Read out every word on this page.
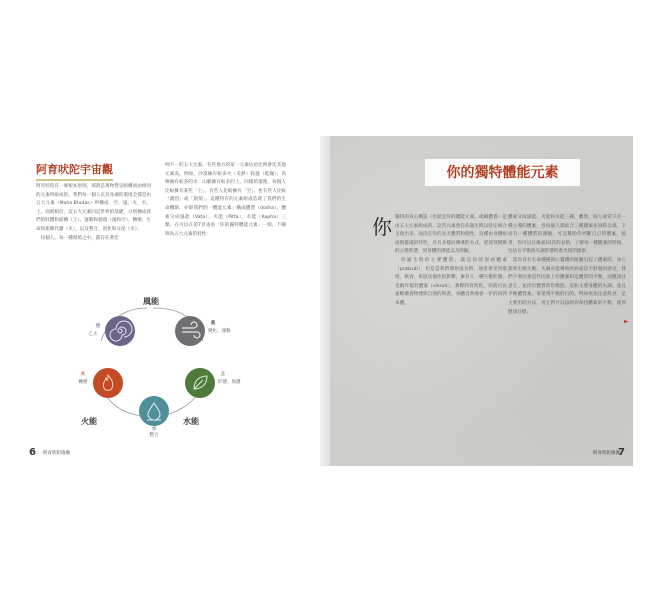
阿育吠陀宇宙觀
阿育吠陀有一條根本原則，那就是萬物皆是組構而由相同的元素所組成的。我們每一個人以及身處的環境全都是由五大元素（Maha Bhutas）所構成：空、風、火、水、土。而與相反，這五大元素同是世界的基礎，分別構成我們的肢體和結構（土）、運動和循環（風和空）、轉變、生命和新陳代謝（火），以及整合、消化和分泌（水）。
　每個人、每一種環境之中，都存在著比
例不一的五大元素，有些地方的某一元素佔的比例會比其他元素高。例如，沙漠擁有較多火（炎熱）和風（乾燥）；高緯擁有較多的水；山脈擁有較多的土。同樣的道理，每個人比較擁有某些「土」、有些人比較擁有「空」。也有些人比較「濃烈」或「熱情」。這種特有的元素組成造就了我們的生命機制，亦即我們的「體能元素」構成體質（dosha）。體素分成風能（Vata）、火能（Pitta）、水能（Kapha）三類。在可以在第7頁查看「你的獨特體能元素」一節，下圖則為五大元素的特性：
風能
火能	水能
空
乙太
風
變化、運動
火
轉變
土
形態、保護
水
整合
6 阿育吠陀瑜伽
你的獨特體能元素
你 獨特的身心構造（也就是你的體能元素，或稱體質）是由五大元素組成的，這些元素會在你誕生時以特定組合呈現出來，而決定你的先天體質和個性。這種由身體組成與靈魂的特性，具有多樣而傳遞的方式，從深刻變換的心態狀態，到身體的潛能以及經驗。
　你誕生時的主要體質，就是你的原初體素（prakruti），但是當我們開始成長時，通常會受到環境、飲食、家庭及個性的影響，素有人一種失衡狀態，也稱作現有體素（vikruti）。實際阿育吠陀，你就可以東瞭徹著物理與自然的和諧，身體自然地會一步的回到本體。
體素分成風能、火能和水能三種，雖然，個人通常只有一種主導的體素，但每個人都結合三種體素來同時呈現。下面有一種體質的測驗，可以幫助你判斷自己的體素。接著，你可以在後面10頁的表格，了解每一種體素的特徵，包括在平衡與失調狀態時會出現的徵象。
　當你具有生命種種與心靈體的阻礙引起了體素時，身心都會出現失衡。失調可能導致疾病或是不舒服的感受，我們不要固著這些因素上的體素和這體質的平衡，而應該注意它，並找出體質的均衡點。這和主要身體的失調，並且平衡體質素，來達到平衡的目的，例如更加注意飲食，是主要用的方法，用它們可以協助你保持體素的平衡，達到健康目標。
►
阿育吠陀瑜伽
7
